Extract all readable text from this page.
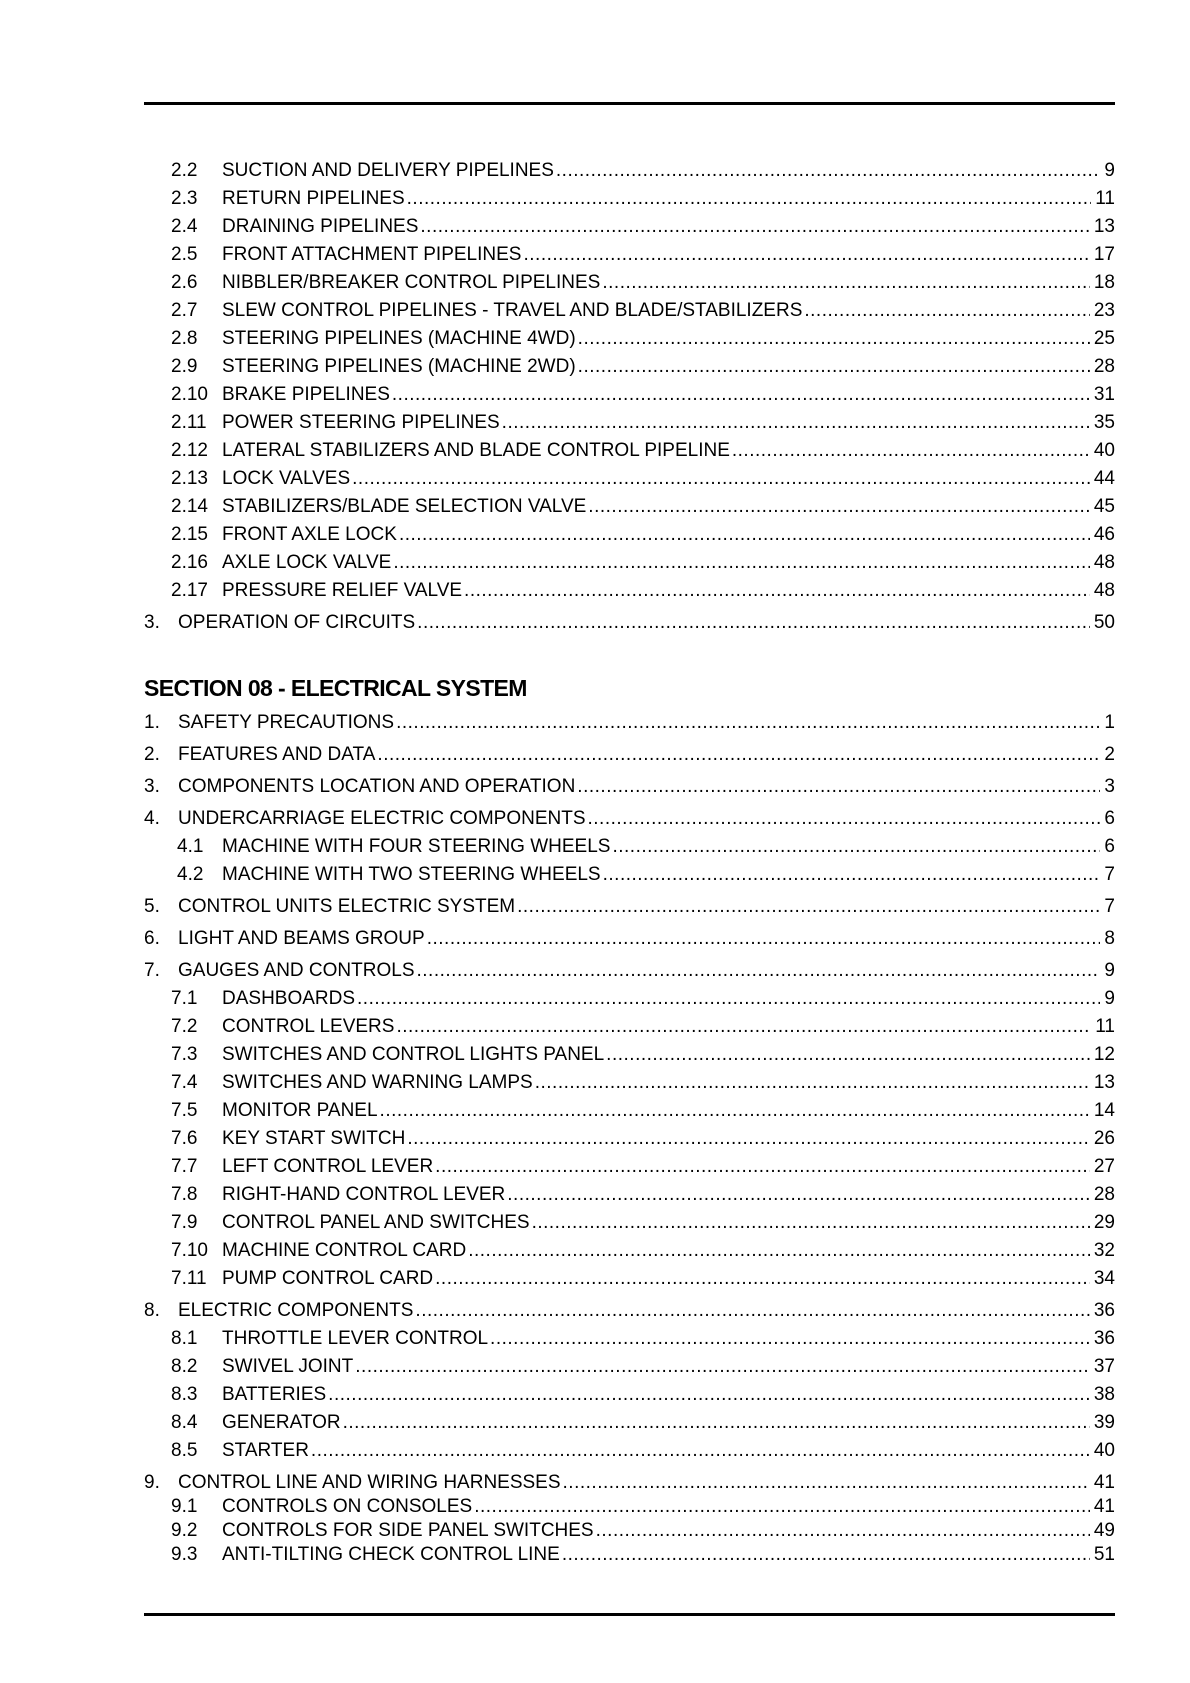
2.2	SUCTION AND DELIVERY PIPELINES .....	9
2.3	RETURN PIPELINES .....	11
2.4	DRAINING PIPELINES .....	13
2.5	FRONT ATTACHMENT PIPELINES .....	17
2.6	NIBBLER/BREAKER CONTROL PIPELINES .....	18
2.7	SLEW CONTROL PIPELINES - TRAVEL AND BLADE/STABILIZERS .....	23
2.8	STEERING PIPELINES (MACHINE 4WD) .....	25
2.9	STEERING PIPELINES (MACHINE 2WD) .....	28
2.10 BRAKE PIPELINES .....	31
2.11 POWER STEERING PIPELINES .....	35
2.12 LATERAL STABILIZERS AND BLADE CONTROL PIPELINE .....	40
2.13 LOCK VALVES .....	44
2.14 STABILIZERS/BLADE SELECTION VALVE .....	45
2.15 FRONT AXLE LOCK .....	46
2.16 AXLE LOCK VALVE .....	48
2.17 PRESSURE RELIEF VALVE .....	48
3. OPERATION OF CIRCUITS .....	50
SECTION 08 - ELECTRICAL SYSTEM
1. SAFETY PRECAUTIONS .....	1
2. FEATURES AND DATA .....	2
3. COMPONENTS LOCATION AND OPERATION .....	3
4. UNDERCARRIAGE ELECTRIC COMPONENTS .....	6
4.1 MACHINE WITH FOUR STEERING WHEELS .....	6
4.2 MACHINE WITH TWO STEERING WHEELS .....	7
5. CONTROL UNITS ELECTRIC SYSTEM .....	7
6. LIGHT AND BEAMS GROUP .....	8
7. GAUGES AND CONTROLS .....	9
7.1	DASHBOARDS .....	9
7.2	CONTROL LEVERS .....	11
7.3	SWITCHES AND CONTROL LIGHTS PANEL .....	12
7.4	SWITCHES AND WARNING LAMPS .....	13
7.5	MONITOR PANEL .....	14
7.6	KEY START SWITCH .....	26
7.7	LEFT CONTROL LEVER .....	27
7.8	RIGHT-HAND CONTROL LEVER .....	28
7.9	CONTROL PANEL AND SWITCHES .....	29
7.10 MACHINE CONTROL CARD .....	32
7.11 PUMP CONTROL CARD .....	34
8. ELECTRIC COMPONENTS .....	36
8.1	THROTTLE LEVER CONTROL .....	36
8.2	SWIVEL JOINT .....	37
8.3	BATTERIES .....	38
8.4	GENERATOR .....	39
8.5	STARTER .....	40
9. CONTROL LINE AND WIRING HARNESSES .....	41
9.1	CONTROLS ON CONSOLES .....	41
9.2	CONTROLS FOR SIDE PANEL SWITCHES .....	49
9.3	ANTI-TILTING CHECK CONTROL LINE .....	51
